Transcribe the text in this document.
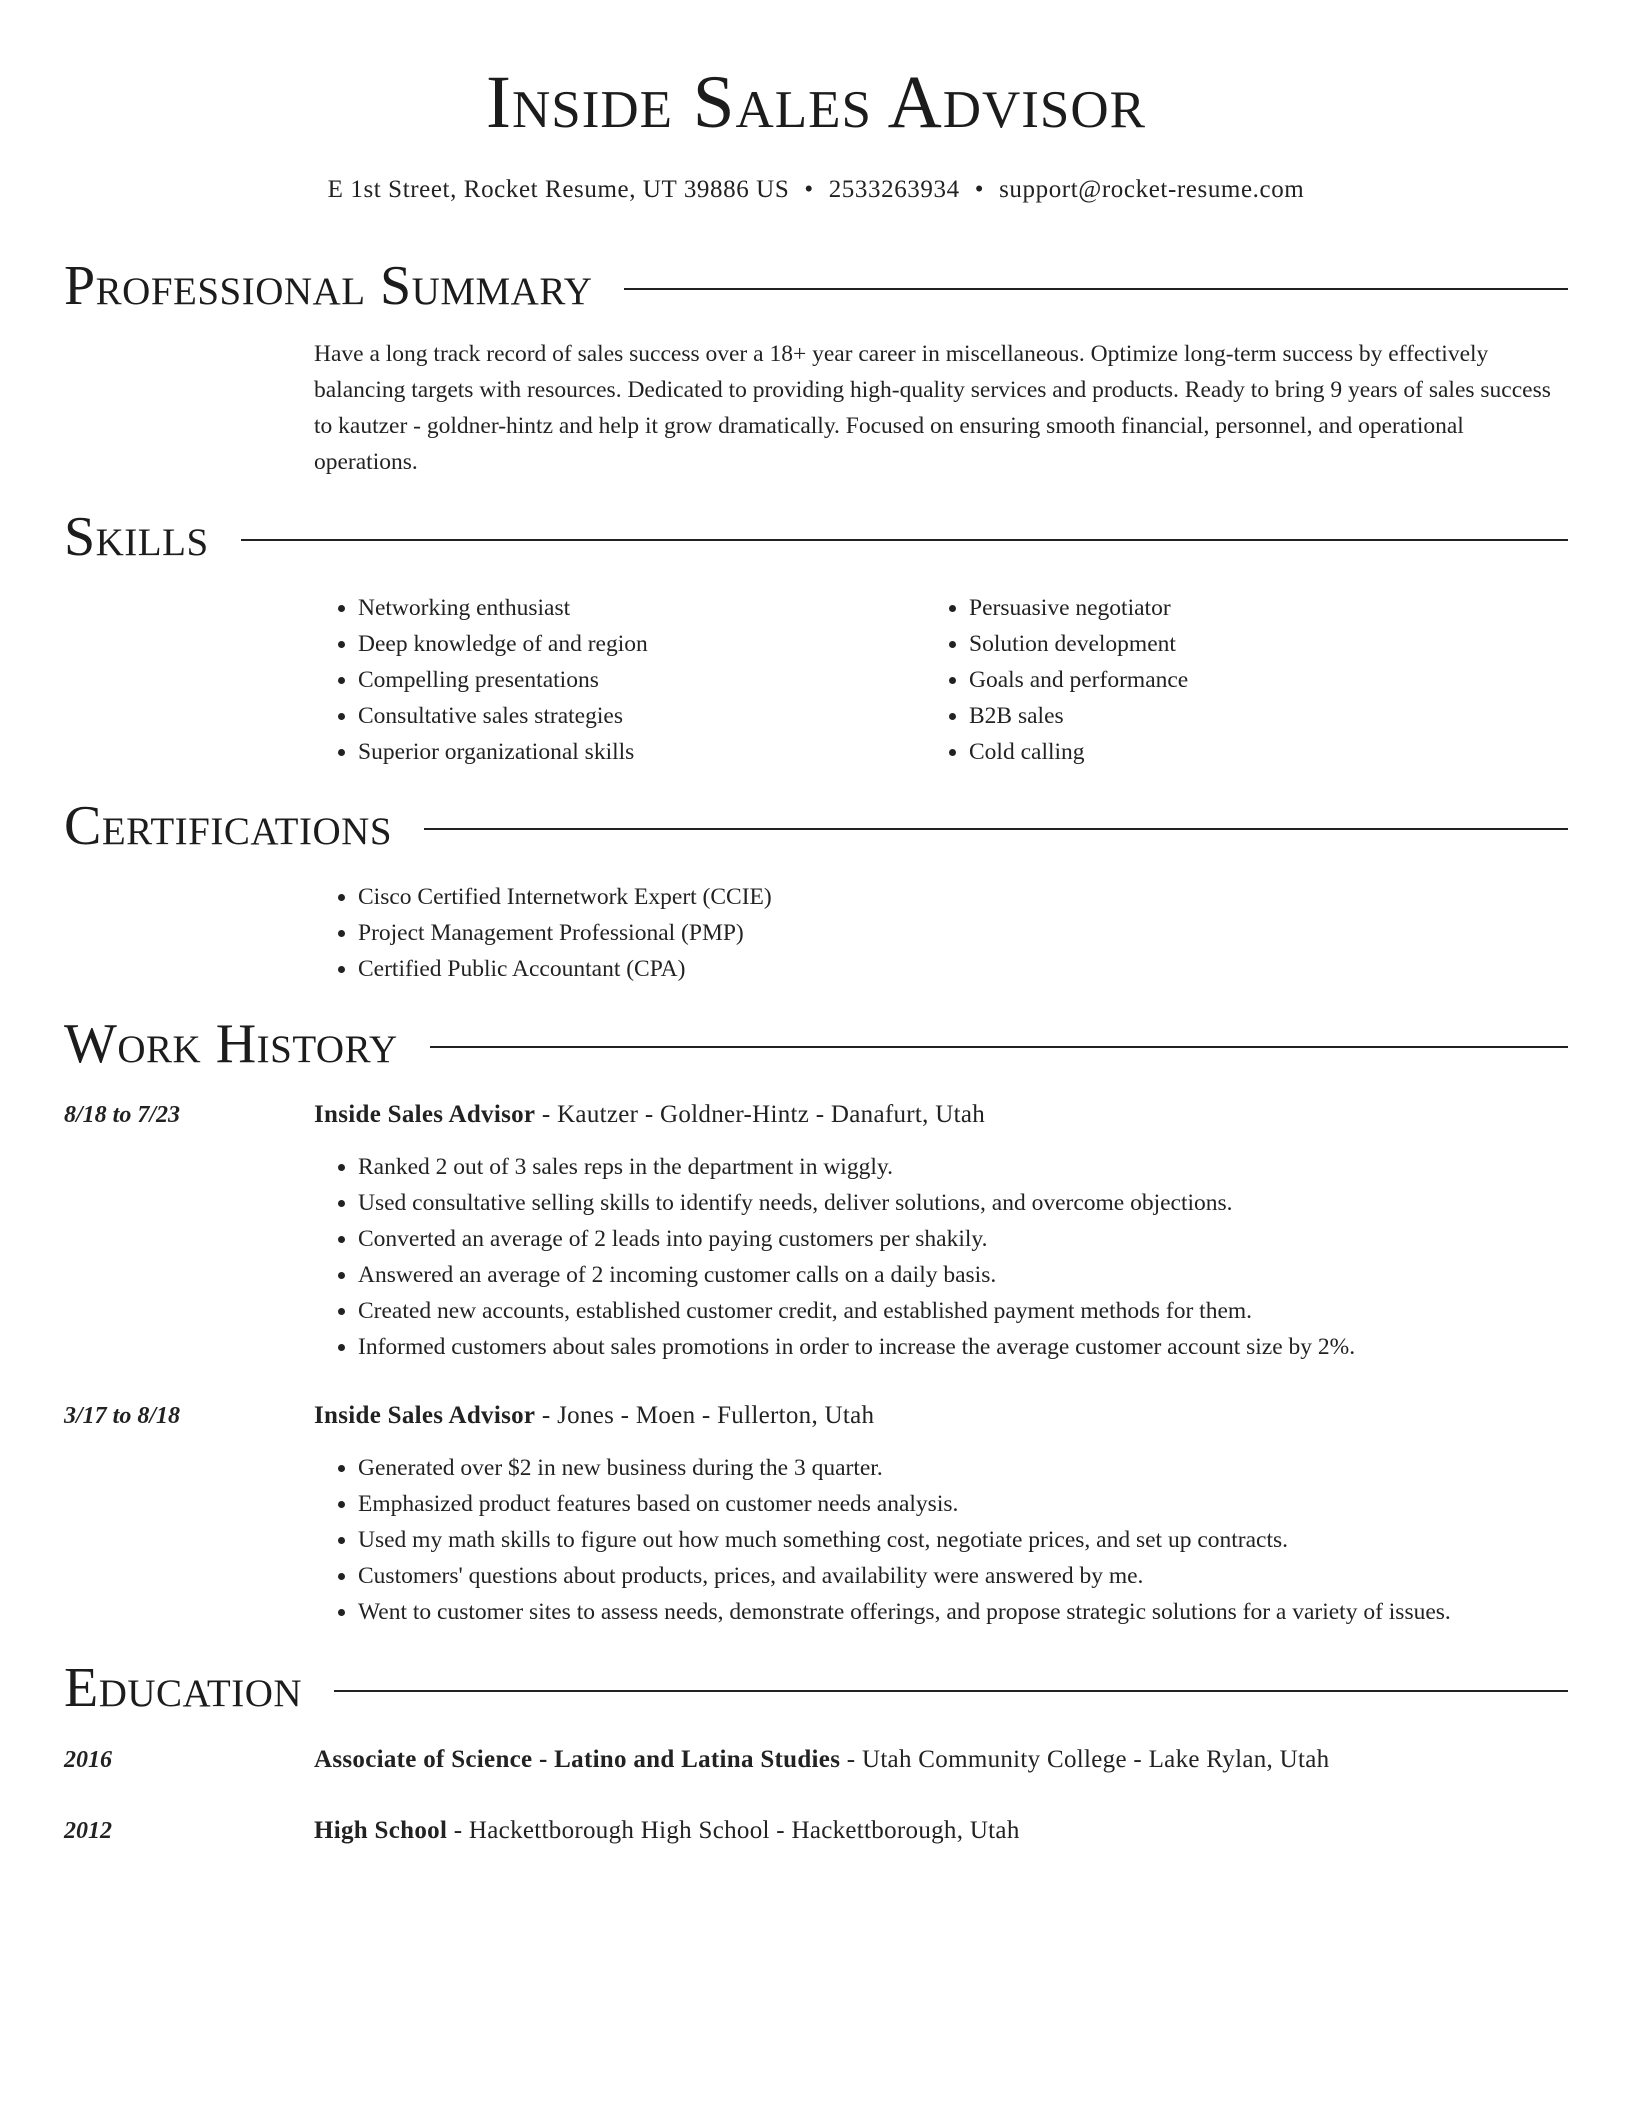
Inside Sales Advisor
E 1st Street, Rocket Resume, UT 39886 US • 2533263934 • support@rocket-resume.com
Professional Summary

Have a long track record of sales success over a 18+ year career in miscellaneous. Optimize long-term success by effectively balancing targets with resources. Dedicated to providing high-quality services and products. Ready to bring 9 years of sales success to kautzer - goldner-hintz and help it grow dramatically. Focused on ensuring smooth financial, personnel, and operational operations.

Skills
• Networking enthusiast
• Deep knowledge of and region
• Compelling presentations
• Consultative sales strategies
• Superior organizational skills
• Persuasive negotiator
• Solution development
• Goals and performance
• B2B sales
• Cold calling
Certifications
• Cisco Certified Internetwork Expert (CCIE)
• Project Management Professional (PMP)
• Certified Public Accountant (CPA)
Work History
8/18 to 7/23	Inside Sales Advisor - Kautzer - Goldner-Hintz - Danafurt, Utah
• Ranked 2 out of 3 sales reps in the department in wiggly.
• Used consultative selling skills to identify needs, deliver solutions, and overcome objections.
• Converted an average of 2 leads into paying customers per shakily.
• Answered an average of 2 incoming customer calls on a daily basis.
• Created new accounts, established customer credit, and established payment methods for them.
• Informed customers about sales promotions in order to increase the average customer account size by 2%.
3/17 to 8/18	Inside Sales Advisor - Jones - Moen - Fullerton, Utah
• Generated over $2 in new business during the 3 quarter.
• Emphasized product features based on customer needs analysis.
• Used my math skills to figure out how much something cost, negotiate prices, and set up contracts.
• Customers' questions about products, prices, and availability were answered by me.
• Went to customer sites to assess needs, demonstrate offerings, and propose strategic solutions for a variety of issues.
Education
2016	Associate of Science - Latino and Latina Studies - Utah Community College - Lake Rylan, Utah
2012	High School - Hackettborough High School - Hackettborough, Utah
